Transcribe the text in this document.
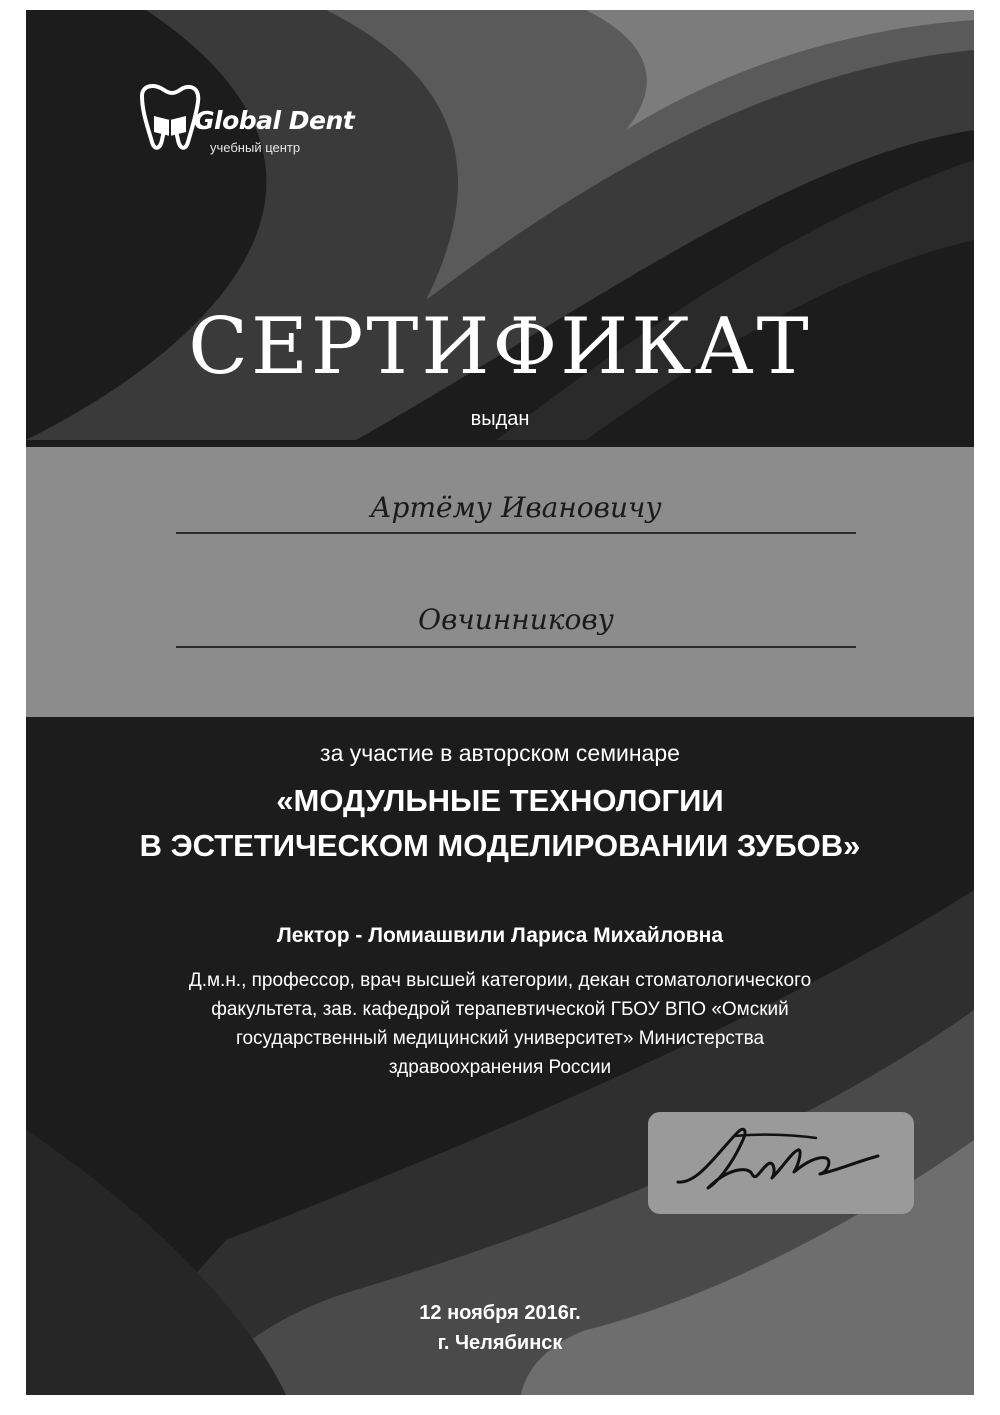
Global Dent
учебный центр
СЕРТИФИКАТ
выдан
Артёму Ивановичу
Овчинникову
за участие в авторском семинаре
«МОДУЛЬНЫЕ ТЕХНОЛОГИИ
В ЭСТЕТИЧЕСКОМ МОДЕЛИРОВАНИИ ЗУБОВ»
Лектор - Ломиашвили Лариса Михайловна
Д.м.н., профессор, врач высшей категории, декан стоматологического
факультета, зав. кафедрой терапевтической ГБОУ ВПО «Омский
государственный медицинский университет» Министерства
здравоохранения России
12 ноября 2016г.
г. Челябинск
